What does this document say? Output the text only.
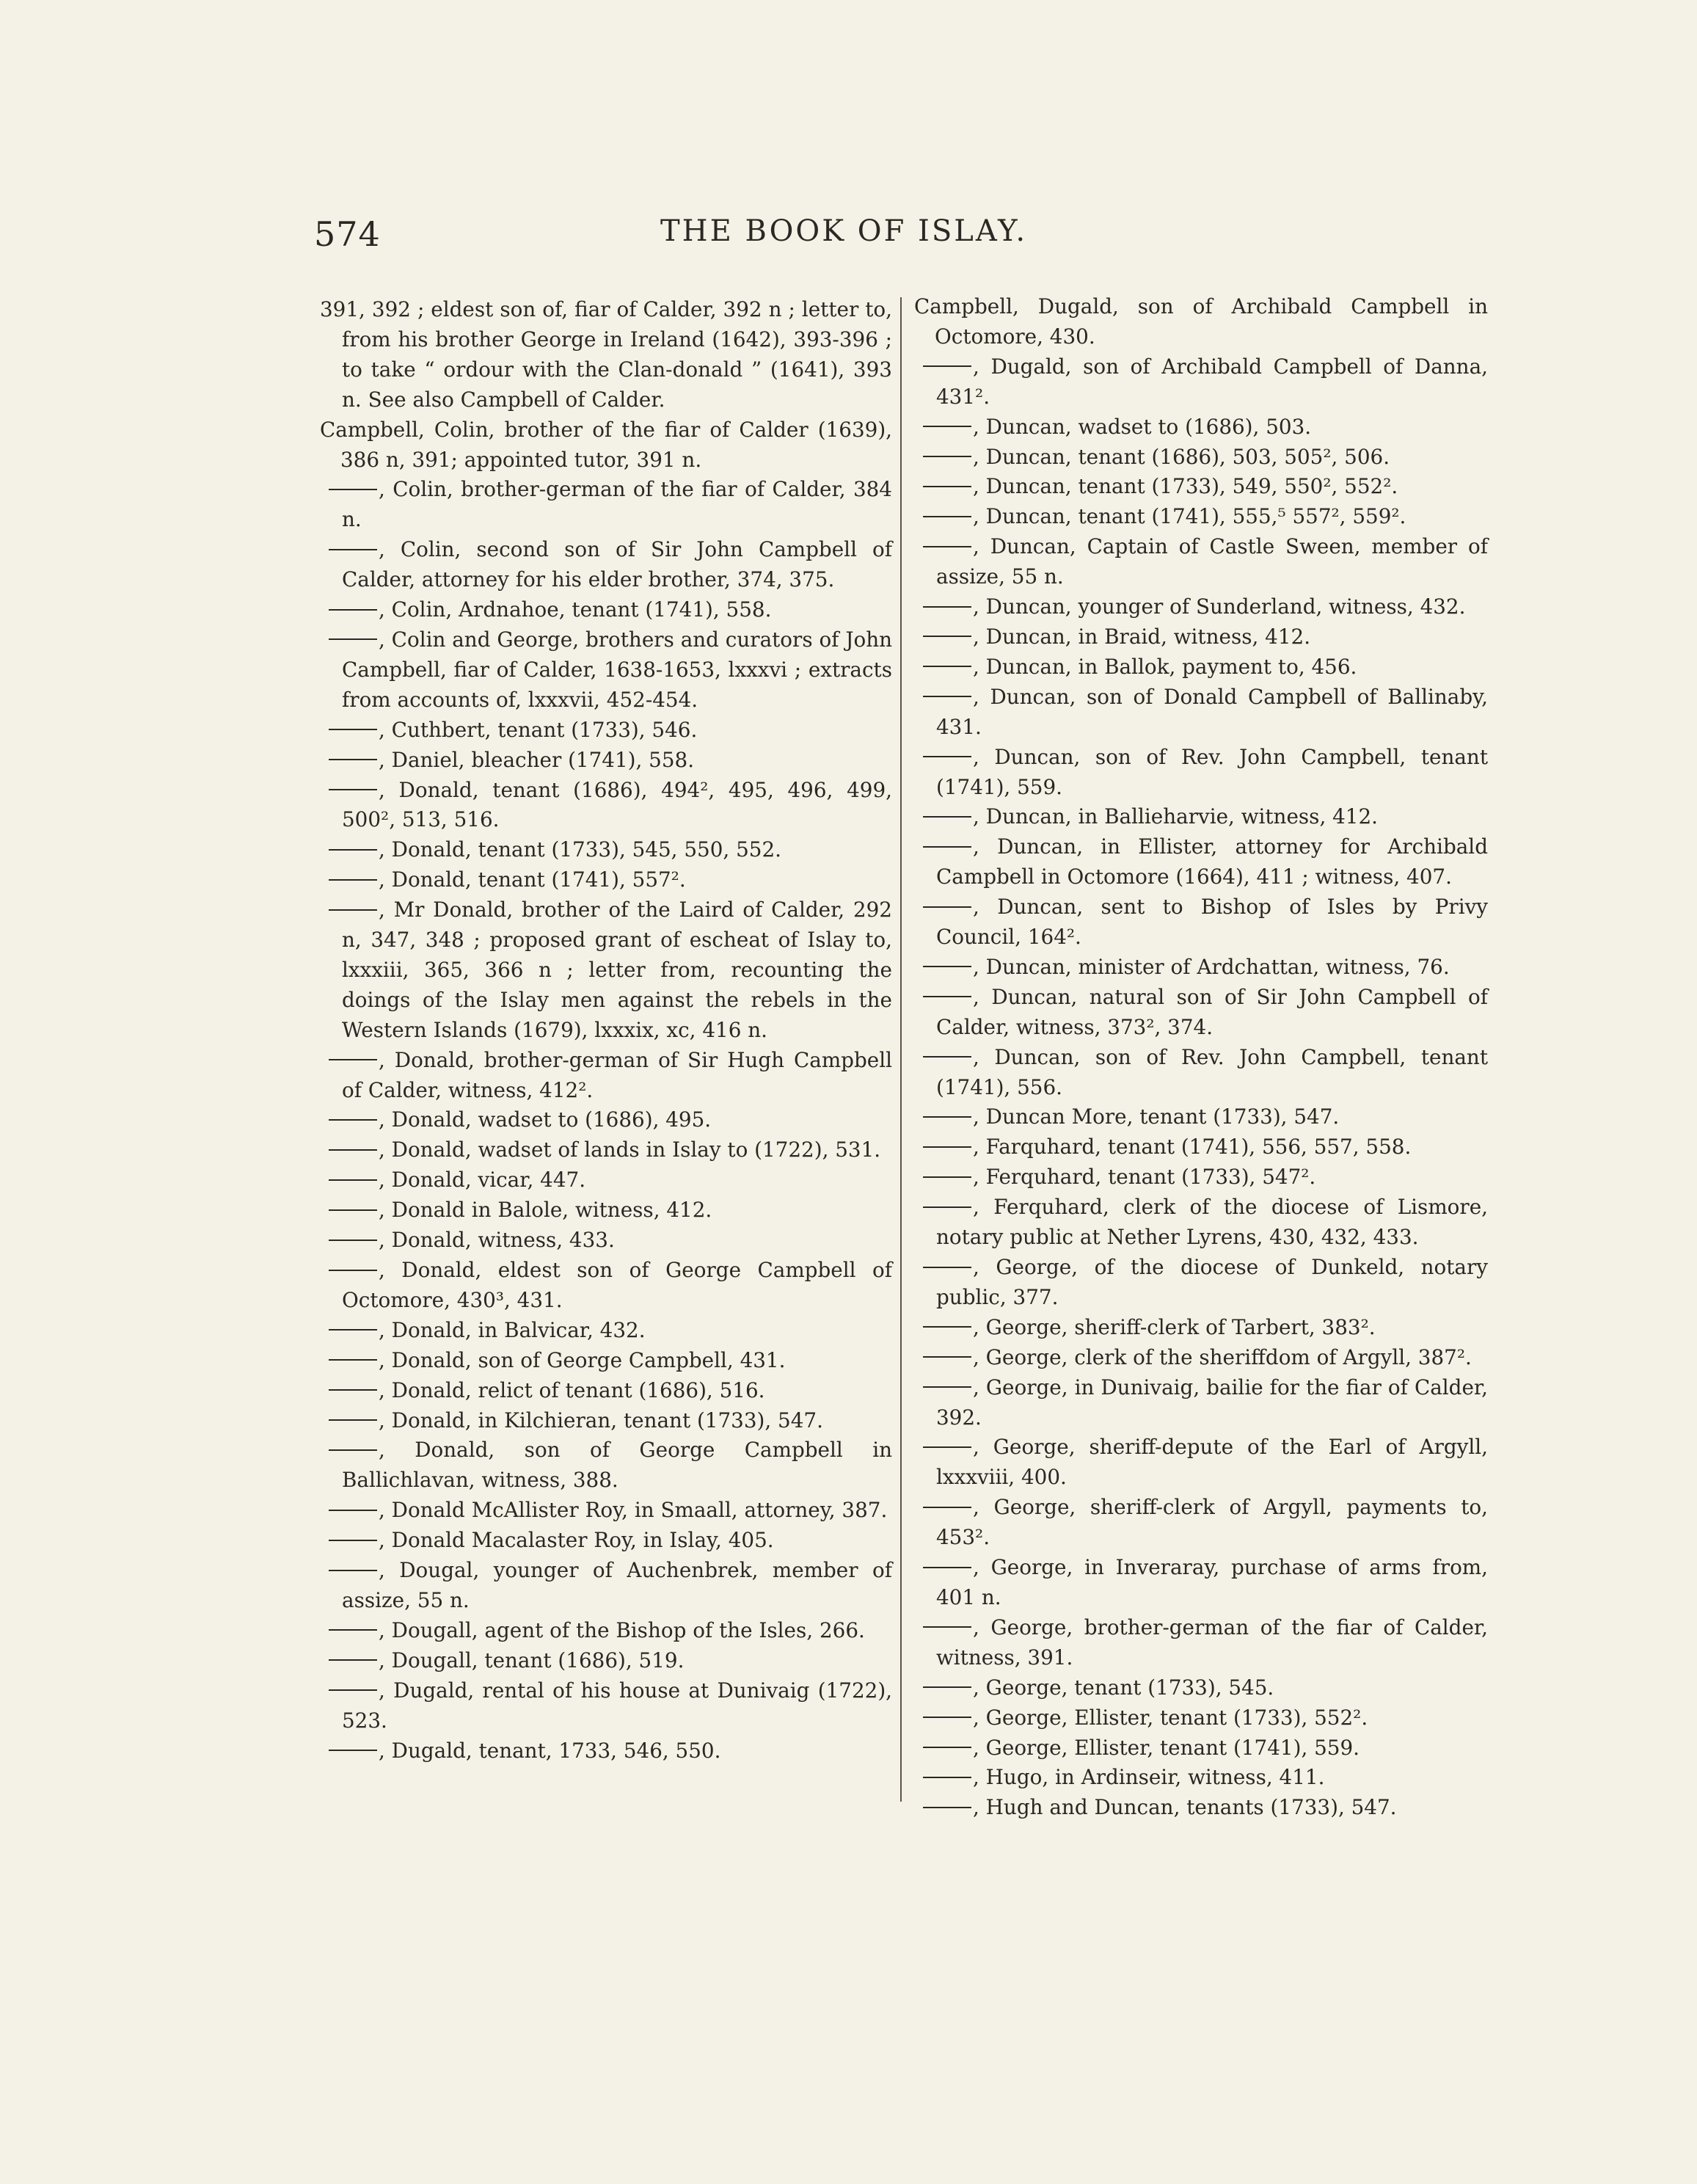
574	THE BOOK OF ISLAY.

391, 392 ; eldest son of, fiar of Calder, 392 n ; letter to, from his brother George in Ireland (1642), 393-396 ; to take “ ordour with the Clan-donald ” (1641), 393 n. See also Campbell of Calder.

Campbell, Colin, brother of the fiar of Calder (1639), 386 n, 391; appointed tutor, 391 n.

, Colin, brother-german of the fiar of Calder, 384 n.

, Colin, second son of Sir John Campbell of Calder, attorney for his elder brother, 374, 375.

, Colin, Ardnahoe, tenant (1741), 558.

, Colin and George, brothers and curators of John Campbell, fiar of Calder, 1638-1653, lxxxvi ; extracts from accounts of, lxxxvii, 452-454.

, Cuthbert, tenant (1733), 546.

, Daniel, bleacher (1741), 558.

, Donald, tenant (1686), 494², 495, 496, 499, 500², 513, 516.

, Donald, tenant (1733), 545, 550, 552.

, Donald, tenant (1741), 557².

, Mr Donald, brother of the Laird of Calder, 292 n, 347, 348 ; proposed grant of escheat of Islay to, lxxxiii, 365, 366 n ; letter from, recounting the doings of the Islay men against the rebels in the Western Islands (1679), lxxxix, xc, 416 n.

, Donald, brother-german of Sir Hugh Campbell of Calder, witness, 412².

, Donald, wadset to (1686), 495.

, Donald, wadset of lands in Islay to (1722), 531.

, Donald, vicar, 447.

, Donald in Balole, witness, 412.

, Donald, witness, 433.

, Donald, eldest son of George Campbell of Octomore, 430³, 431.

, Donald, in Balvicar, 432.

, Donald, son of George Campbell, 431.

, Donald, relict of tenant (1686), 516.

, Donald, in Kilchieran, tenant (1733), 547.

, Donald, son of George Campbell in Ballichlavan, witness, 388.

, Donald McAllister Roy, in Smaall, attorney, 387.

, Donald Macalaster Roy, in Islay, 405.

, Dougal, younger of Auchenbrek, member of assize, 55 n.

, Dougall, agent of the Bishop of the Isles, 266.

, Dougall, tenant (1686), 519.

, Dugald, rental of his house at Dunivaig (1722), 523.

, Dugald, tenant, 1733, 546, 550.

Campbell, Dugald, son of Archibald Campbell in Octomore, 430.

, Dugald, son of Archibald Campbell of Danna, 431².

, Duncan, wadset to (1686), 503.

, Duncan, tenant (1686), 503, 505², 506.

, Duncan, tenant (1733), 549, 550², 552².

, Duncan, tenant (1741), 555,⁵ 557², 559².

, Duncan, Captain of Castle Sween, member of assize, 55 n.

, Duncan, younger of Sunderland, witness, 432.

, Duncan, in Braid, witness, 412.

, Duncan, in Ballok, payment to, 456.

, Duncan, son of Donald Campbell of Ballinaby, 431.

, Duncan, son of Rev. John Campbell, tenant (1741), 559.

, Duncan, in Ballieharvie, witness, 412.

, Duncan, in Ellister, attorney for Archibald Campbell in Octomore (1664), 411 ; witness, 407.

, Duncan, sent to Bishop of Isles by Privy Council, 164².

, Duncan, minister of Ardchattan, witness, 76.

, Duncan, natural son of Sir John Campbell of Calder, witness, 373², 374.

, Duncan, son of Rev. John Campbell, tenant (1741), 556.

, Duncan More, tenant (1733), 547.

, Farquhard, tenant (1741), 556, 557, 558.

, Ferquhard, tenant (1733), 547².

, Ferquhard, clerk of the diocese of Lismore, notary public at Nether Lyrens, 430, 432, 433.

, George, of the diocese of Dunkeld, notary public, 377.

, George, sheriff-clerk of Tarbert, 383².

, George, clerk of the sheriffdom of Argyll, 387².

, George, in Dunivaig, bailie for the fiar of Calder, 392.

, George, sheriff-depute of the Earl of Argyll, lxxxviii, 400.

, George, sheriff-clerk of Argyll, payments to, 453².

, George, in Inveraray, purchase of arms from, 401 n.

, George, brother-german of the fiar of Calder, witness, 391.

, George, tenant (1733), 545.

, George, Ellister, tenant (1733), 552².

, George, Ellister, tenant (1741), 559.

, Hugo, in Ardinseir, witness, 411.

, Hugh and Duncan, tenants (1733), 547.
